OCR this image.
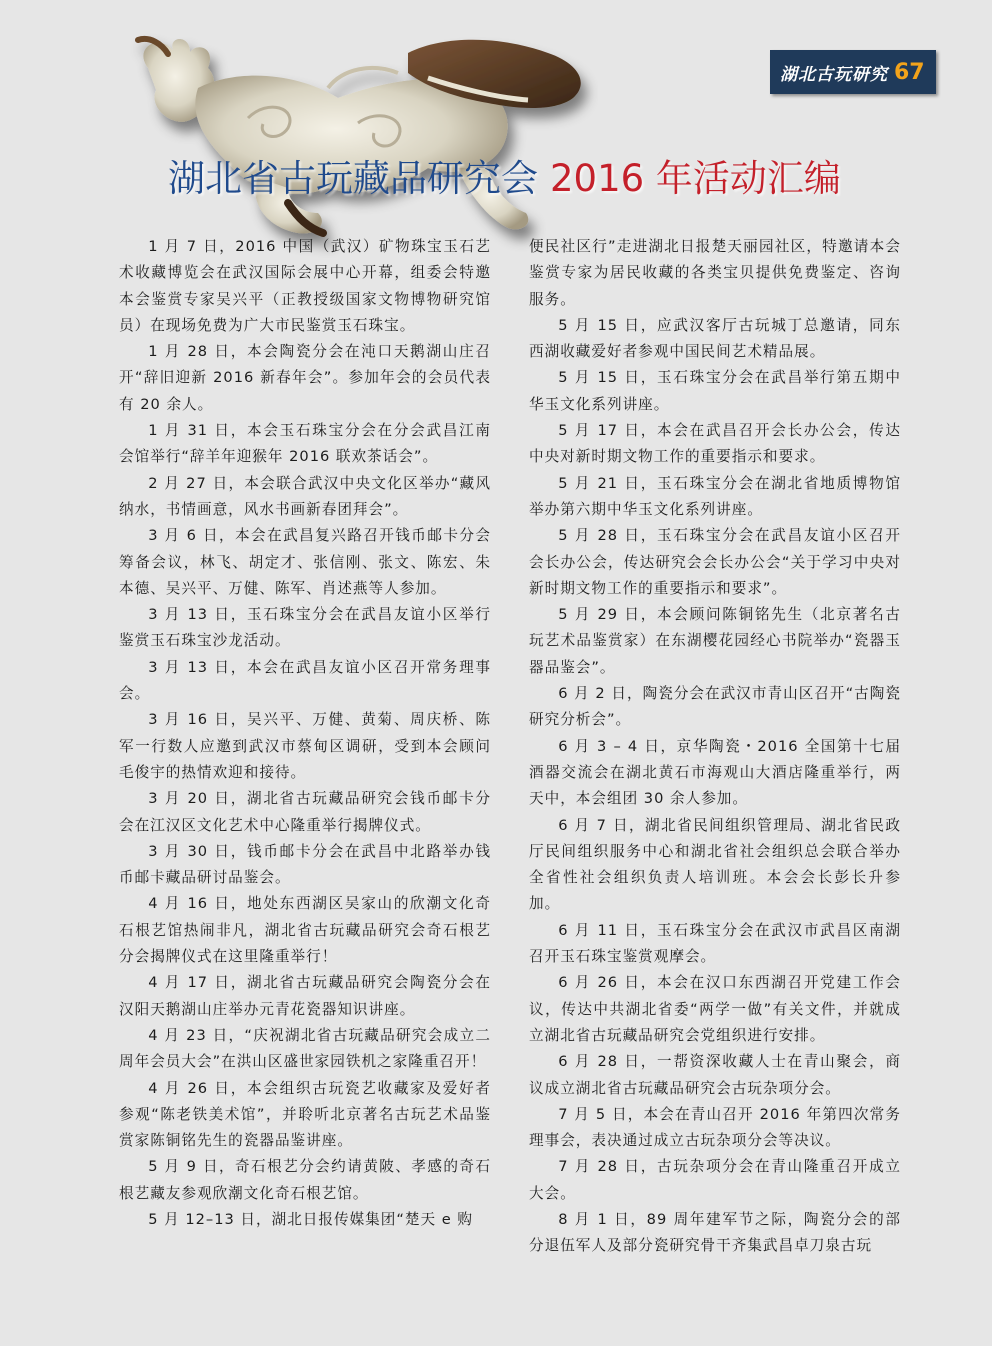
湖北古玩研究 67
湖北省古玩藏品研究会 2016 年活动汇编

1 月 7 日，2016 中国（武汉）矿物珠宝玉石艺术收藏博览会在武汉国际会展中心开幕，组委会特邀本会鉴赏专家吴兴平（正教授级国家文物博物研究馆员）在现场免费为广大市民鉴赏玉石珠宝。

1 月 28 日，本会陶瓷分会在沌口天鹅湖山庄召开“辞旧迎新 2016 新春年会”。参加年会的会员代表有 20 余人。

1 月 31 日，本会玉石珠宝分会在分会武昌江南会馆举行“辞羊年迎猴年 2016 联欢茶话会”。

2 月 27 日，本会联合武汉中央文化区举办“藏风纳水，书情画意，风水书画新春团拜会”。

3 月 6 日，本会在武昌复兴路召开钱币邮卡分会筹备会议，林飞、胡定才、张信刚、张文、陈宏、朱本德、吴兴平、万健、陈军、肖述燕等人参加。

3 月 13 日，玉石珠宝分会在武昌友谊小区举行鉴赏玉石珠宝沙龙活动。

3 月 13 日，本会在武昌友谊小区召开常务理事会。

3 月 16 日，吴兴平、万健、黄菊、周庆桥、陈军一行数人应邀到武汉市蔡甸区调研，受到本会顾问毛俊宇的热情欢迎和接待。

3 月 20 日，湖北省古玩藏品研究会钱币邮卡分会在江汉区文化艺术中心隆重举行揭牌仪式。

3 月 30 日，钱币邮卡分会在武昌中北路举办钱币邮卡藏品研讨品鉴会。

4 月 16 日，地处东西湖区吴家山的欣潮文化奇石根艺馆热闹非凡，湖北省古玩藏品研究会奇石根艺分会揭牌仪式在这里隆重举行！

4 月 17 日，湖北省古玩藏品研究会陶瓷分会在汉阳天鹅湖山庄举办元青花瓷器知识讲座。

4 月 23 日，“庆祝湖北省古玩藏品研究会成立二周年会员大会”在洪山区盛世家园铁机之家隆重召开！

4 月 26 日，本会组织古玩瓷艺收藏家及爱好者参观“陈老铁美术馆”，并聆听北京著名古玩艺术品鉴赏家陈铜铭先生的瓷器品鉴讲座。

5 月 9 日，奇石根艺分会约请黄陂、孝感的奇石根艺藏友参观欣潮文化奇石根艺馆。

5 月 12–13 日，湖北日报传媒集团“楚天 e 购

便民社区行”走进湖北日报楚天丽园社区，特邀请本会鉴赏专家为居民收藏的各类宝贝提供免费鉴定、咨询服务。

5 月 15 日，应武汉客厅古玩城丁总邀请，同东西湖收藏爱好者参观中国民间艺术精品展。

5 月 15 日，玉石珠宝分会在武昌举行第五期中华玉文化系列讲座。

5 月 17 日，本会在武昌召开会长办公会，传达中央对新时期文物工作的重要指示和要求。

5 月 21 日，玉石珠宝分会在湖北省地质博物馆举办第六期中华玉文化系列讲座。

5 月 28 日，玉石珠宝分会在武昌友谊小区召开会长办公会，传达研究会会长办公会“关于学习中央对新时期文物工作的重要指示和要求”。

5 月 29 日，本会顾问陈铜铭先生（北京著名古玩艺术品鉴赏家）在东湖樱花园经心书院举办“瓷器玉器品鉴会”。

6 月 2 日，陶瓷分会在武汉市青山区召开“古陶瓷研究分析会”。

6 月 3 – 4 日，京华陶瓷・2016 全国第十七届酒器交流会在湖北黄石市海观山大酒店隆重举行，两天中，本会组团 30 余人参加。

6 月 7 日，湖北省民间组织管理局、湖北省民政厅民间组织服务中心和湖北省社会组织总会联合举办全省性社会组织负责人培训班。本会会长彭长升参加。

6 月 11 日，玉石珠宝分会在武汉市武昌区南湖召开玉石珠宝鉴赏观摩会。

6 月 26 日，本会在汉口东西湖召开党建工作会议，传达中共湖北省委“两学一做”有关文件，并就成立湖北省古玩藏品研究会党组织进行安排。

6 月 28 日，一帮资深收藏人士在青山聚会，商议成立湖北省古玩藏品研究会古玩杂项分会。

7 月 5 日，本会在青山召开 2016 年第四次常务理事会，表决通过成立古玩杂项分会等决议。

7 月 28 日，古玩杂项分会在青山隆重召开成立大会。

8 月 1 日，89 周年建军节之际，陶瓷分会的部分退伍军人及部分瓷研究骨干齐集武昌卓刀泉古玩
